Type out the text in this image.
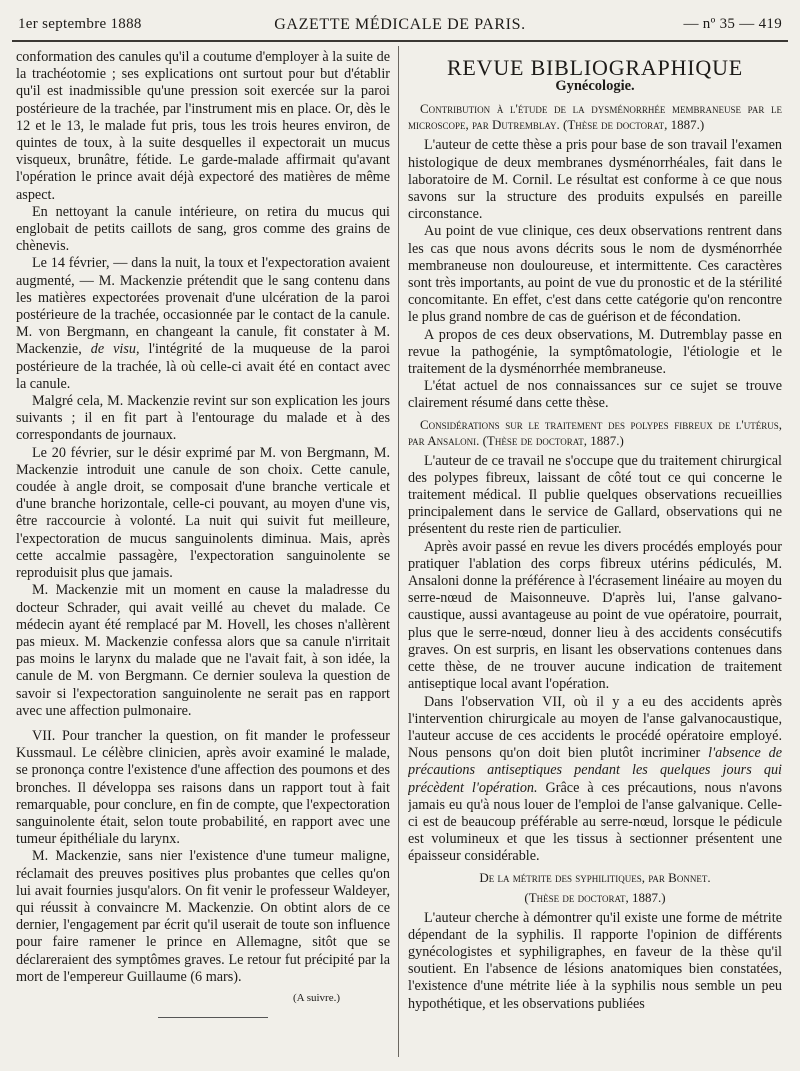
1er septembre 1888	GAZETTE MÉDICALE DE PARIS.	— nº 35 — 419

conformation des canules qu'il a coutume d'employer à la suite de la trachéotomie ; ses explications ont surtout pour but d'établir qu'il est inadmissible qu'une pression soit exercée sur la paroi postérieure de la trachée, par l'instrument mis en place. Or, dès le 12 et le 13, le malade fut pris, tous les trois heures environ, de quintes de toux, à la suite desquelles il expectorait un mucus visqueux, brunâtre, fétide. Le garde-malade affirmait qu'avant l'opération le prince avait déjà expectoré des matières de même aspect.

En nettoyant la canule intérieure, on retira du mucus qui englobait de petits caillots de sang, gros comme des grains de chènevis.

Le 14 février, — dans la nuit, la toux et l'expectoration avaient augmenté, — M. Mackenzie prétendit que le sang contenu dans les matières expectorées provenait d'une ulcération de la paroi postérieure de la trachée, occasionnée par le contact de la canule. M. von Bergmann, en changeant la canule, fit constater à M. Mackenzie, de visu, l'intégrité de la muqueuse de la paroi postérieure de la trachée, là où celle-ci avait été en contact avec la canule.

Malgré cela, M. Mackenzie revint sur son explication les jours suivants ; il en fit part à l'entourage du malade et à des correspondants de journaux.

Le 20 février, sur le désir exprimé par M. von Bergmann, M. Mackenzie introduit une canule de son choix. Cette canule, coudée à angle droit, se composait d'une branche verticale et d'une branche horizontale, celle-ci pouvant, au moyen d'une vis, être raccourcie à volonté. La nuit qui suivit fut meilleure, l'expectoration de mucus sanguinolents diminua. Mais, après cette accalmie passagère, l'expectoration sanguinolente se reproduisit plus que jamais.

M. Mackenzie mit un moment en cause la maladresse du docteur Schrader, qui avait veillé au chevet du malade. Ce médecin ayant été remplacé par M. Hovell, les choses n'allèrent pas mieux. M. Mackenzie confessa alors que sa canule n'irritait pas moins le larynx du malade que ne l'avait fait, à son idée, la canule de M. von Bergmann. Ce dernier souleva la question de savoir si l'expectoration sanguinolente ne serait pas en rapport avec une affection pulmonaire.

VII. Pour trancher la question, on fit mander le professeur Kussmaul. Le célèbre clinicien, après avoir examiné le malade, se prononça contre l'existence d'une affection des poumons et des bronches. Il développa ses raisons dans un rapport tout à fait remarquable, pour conclure, en fin de compte, que l'expectoration sanguinolente était, selon toute probabilité, en rapport avec une tumeur épithéliale du larynx.

M. Mackenzie, sans nier l'existence d'une tumeur maligne, réclamait des preuves positives plus probantes que celles qu'on lui avait fournies jusqu'alors. On fit venir le professeur Waldeyer, qui réussit à convaincre M. Mackenzie. On obtint alors de ce dernier, l'engagement par écrit qu'il userait de toute son influence pour faire ramener le prince en Allemagne, sitôt que se déclareraient des symptômes graves. Le retour fut précipité par la mort de l'empereur Guillaume (6 mars).

(A suivre.)

REVUE BIBLIOGRAPHIQUE

Gynécologie.

Contribution à l'étude de la dysménorrhée membraneuse par le microscope, par Dutremblay. (Thèse de doctorat, 1887.)

L'auteur de cette thèse a pris pour base de son travail l'examen histologique de deux membranes dysménorrhéales, fait dans le laboratoire de M. Cornil. Le résultat est conforme à ce que nous savons sur la structure des produits expulsés en pareille circonstance.

Au point de vue clinique, ces deux observations rentrent dans les cas que nous avons décrits sous le nom de dysménorrhée membraneuse non douloureuse, et intermittente. Ces caractères sont très importants, au point de vue du pronostic et de la stérilité concomitante. En effet, c'est dans cette catégorie qu'on rencontre le plus grand nombre de cas de guérison et de fécondation.

A propos de ces deux observations, M. Dutremblay passe en revue la pathogénie, la symptômatologie, l'étiologie et le traitement de la dysménorrhée membraneuse.

L'état actuel de nos connaissances sur ce sujet se trouve clairement résumé dans cette thèse.

Considérations sur le traitement des polypes fibreux de l'utérus, par Ansaloni. (Thèse de doctorat, 1887.)

L'auteur de ce travail ne s'occupe que du traitement chirurgical des polypes fibreux, laissant de côté tout ce qui concerne le traitement médical. Il publie quelques observations recueillies principalement dans le service de Gallard, observations qui ne présentent du reste rien de particulier.

Après avoir passé en revue les divers procédés employés pour pratiquer l'ablation des corps fibreux utérins pédiculés, M. Ansaloni donne la préférence à l'écrasement linéaire au moyen du serre-nœud de Maisonneuve. D'après lui, l'anse galvano-caustique, aussi avantageuse au point de vue opératoire, pourrait, plus que le serre-nœud, donner lieu à des accidents consécutifs graves. On est surpris, en lisant les observations contenues dans cette thèse, de ne trouver aucune indication de traitement antiseptique local avant l'opération.

Dans l'observation VII, où il y a eu des accidents après l'intervention chirurgicale au moyen de l'anse galvanocaustique, l'auteur accuse de ces accidents le procédé opératoire employé. Nous pensons qu'on doit bien plutôt incriminer l'absence de précautions antiseptiques pendant les quelques jours qui précèdent l'opération. Grâce à ces précautions, nous n'avons jamais eu qu'à nous louer de l'emploi de l'anse galvanique. Celle-ci est de beaucoup préférable au serre-nœud, lorsque le pédicule est volumineux et que les tissus à sectionner présentent une épaisseur considérable.

De la métrite des syphilitiques, par Bonnet.

(Thèse de doctorat, 1887.)

L'auteur cherche à démontrer qu'il existe une forme de métrite dépendant de la syphilis. Il rapporte l'opinion de différents gynécologistes et syphiligraphes, en faveur de la thèse qu'il soutient. En l'absence de lésions anatomiques bien constatées, l'existence d'une métrite liée à la syphilis nous semble un peu hypothétique, et les observations publiées
